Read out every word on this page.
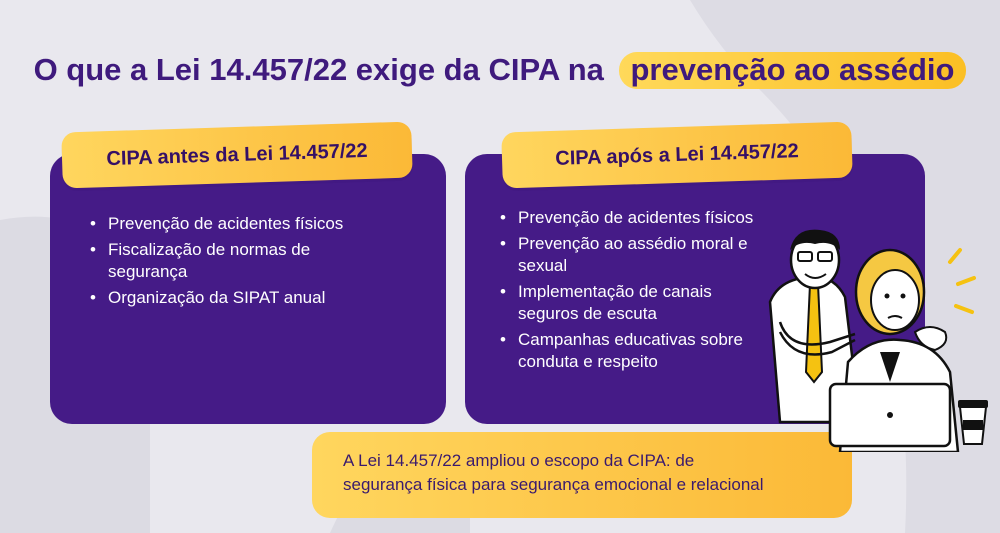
O que a Lei 14.457/22 exige da CIPA na prevenção ao assédio
CIPA antes da Lei 14.457/22	CIPA após a Lei 14.457/22
• Prevenção de acidentes físicos
• Fiscalização de normas de segurança
• Organização da SIPAT anual
• Prevenção de acidentes físicos
• Prevenção ao assédio moral e sexual
• Implementação de canais seguros de escuta
• Campanhas educativas sobre conduta e respeito
A Lei 14.457/22 ampliou o escopo da CIPA: de
segurança física para segurança emocional e relacional
